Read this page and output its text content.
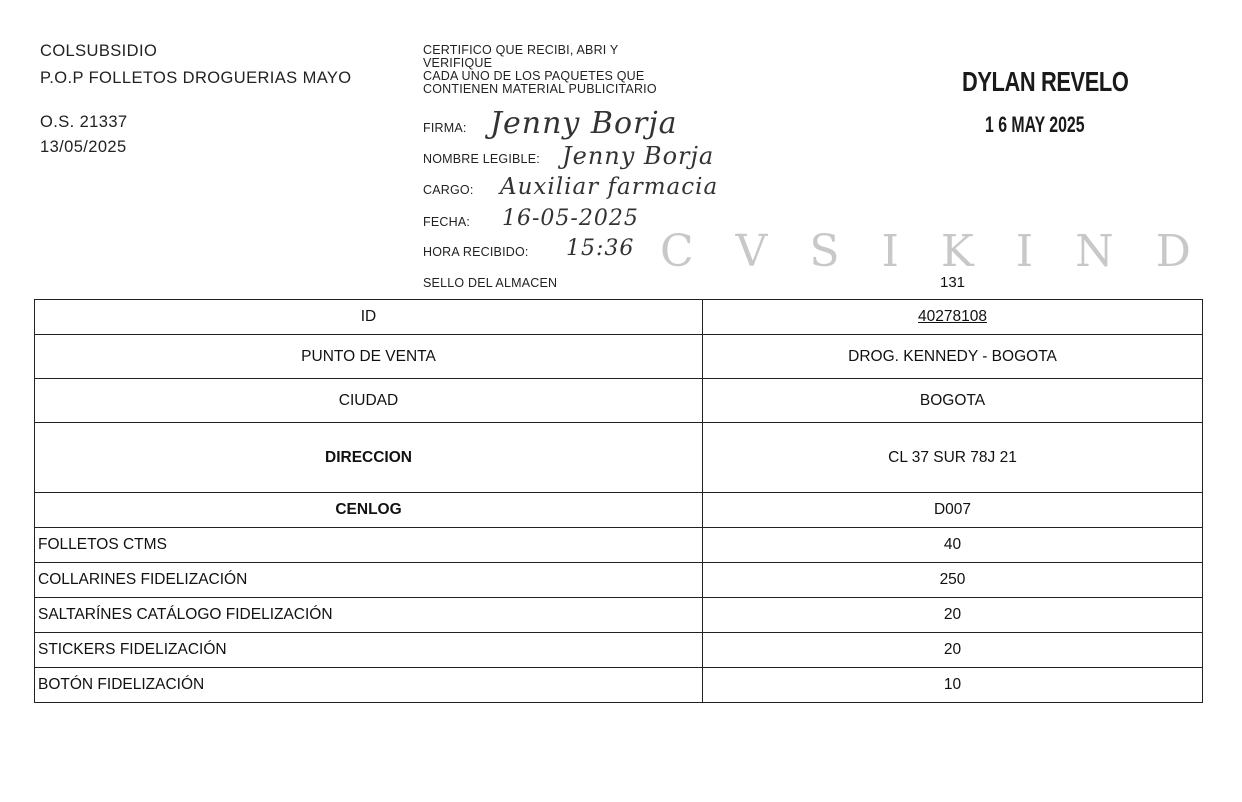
COLSUBSIDIO
P.O.P FOLLETOS DROGUERIAS MAYO
O.S. 21337
13/05/2025
CERTIFICO QUE RECIBI, ABRI Y
VERIFIQUE
CADA UNO DE LOS PAQUETES QUE
CONTIENEN MATERIAL PUBLICITARIO
FIRMA: Jenny Borja
NOMBRE LEGIBLE: Jenny Borja
CARGO: Auxiliar farmacia
FECHA: 16-05-2025
HORA RECIBIDO: 15:36
SELLO DEL ALMACEN
DYLAN REVELO
1 6 MAY 2025
C V S I K I N D
131
ID	40278108
PUNTO DE VENTA	DROG. KENNEDY - BOGOTA
CIUDAD	BOGOTA
DIRECCION	CL 37 SUR 78J 21
CENLOG	D007
FOLLETOS CTMS	40
COLLARINES FIDELIZACIÓN	250
SALTARÍNES CATÁLOGO FIDELIZACIÓN	20
STICKERS FIDELIZACIÓN	20
BOTÓN FIDELIZACIÓN	10
